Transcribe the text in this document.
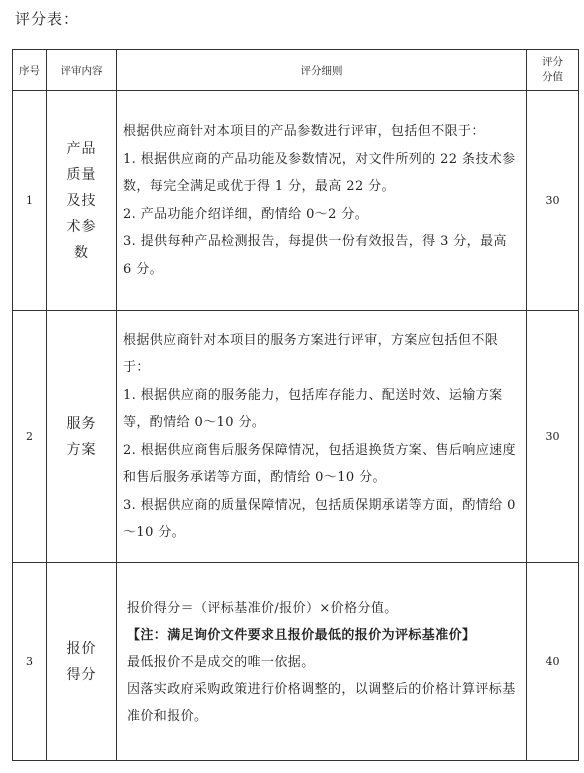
评分表：
序号	评审内容	评分细则	评分
分值
1	产品质量及技术参数	根据供应商针对本项目的产品参数进行评审，包括但不限于：

1. 根据供应商的产品功能及参数情况，对文件所列的 22 条技术参数，每完全满足或优于得 1 分，最高 22 分。

2. 产品功能介绍详细，酌情给 0～2 分。

3. 提供每种产品检测报告，每提供一份有效报告，得 3 分，最高 6 分。	30
2	服务方案	根据供应商针对本项目的服务方案进行评审，方案应包括但不限于：

1. 根据供应商的服务能力，包括库存能力、配送时效、运输方案等，酌情给 0～10 分。

2. 根据供应商售后服务保障情况，包括退换货方案、售后响应速度和售后服务承诺等方面，酌情给 0～10 分。

3. 根据供应商的质量保障情况，包括质保期承诺等方面，酌情给 0～10 分。	30
3	报价得分	报价得分＝（评标基准价/报价）×价格分值。

【注：满足询价文件要求且报价最低的报价为评标基准价】

最低报价不是成交的唯一依据。

因落实政府采购政策进行价格调整的，以调整后的价格计算评标基准价和报价。	40
